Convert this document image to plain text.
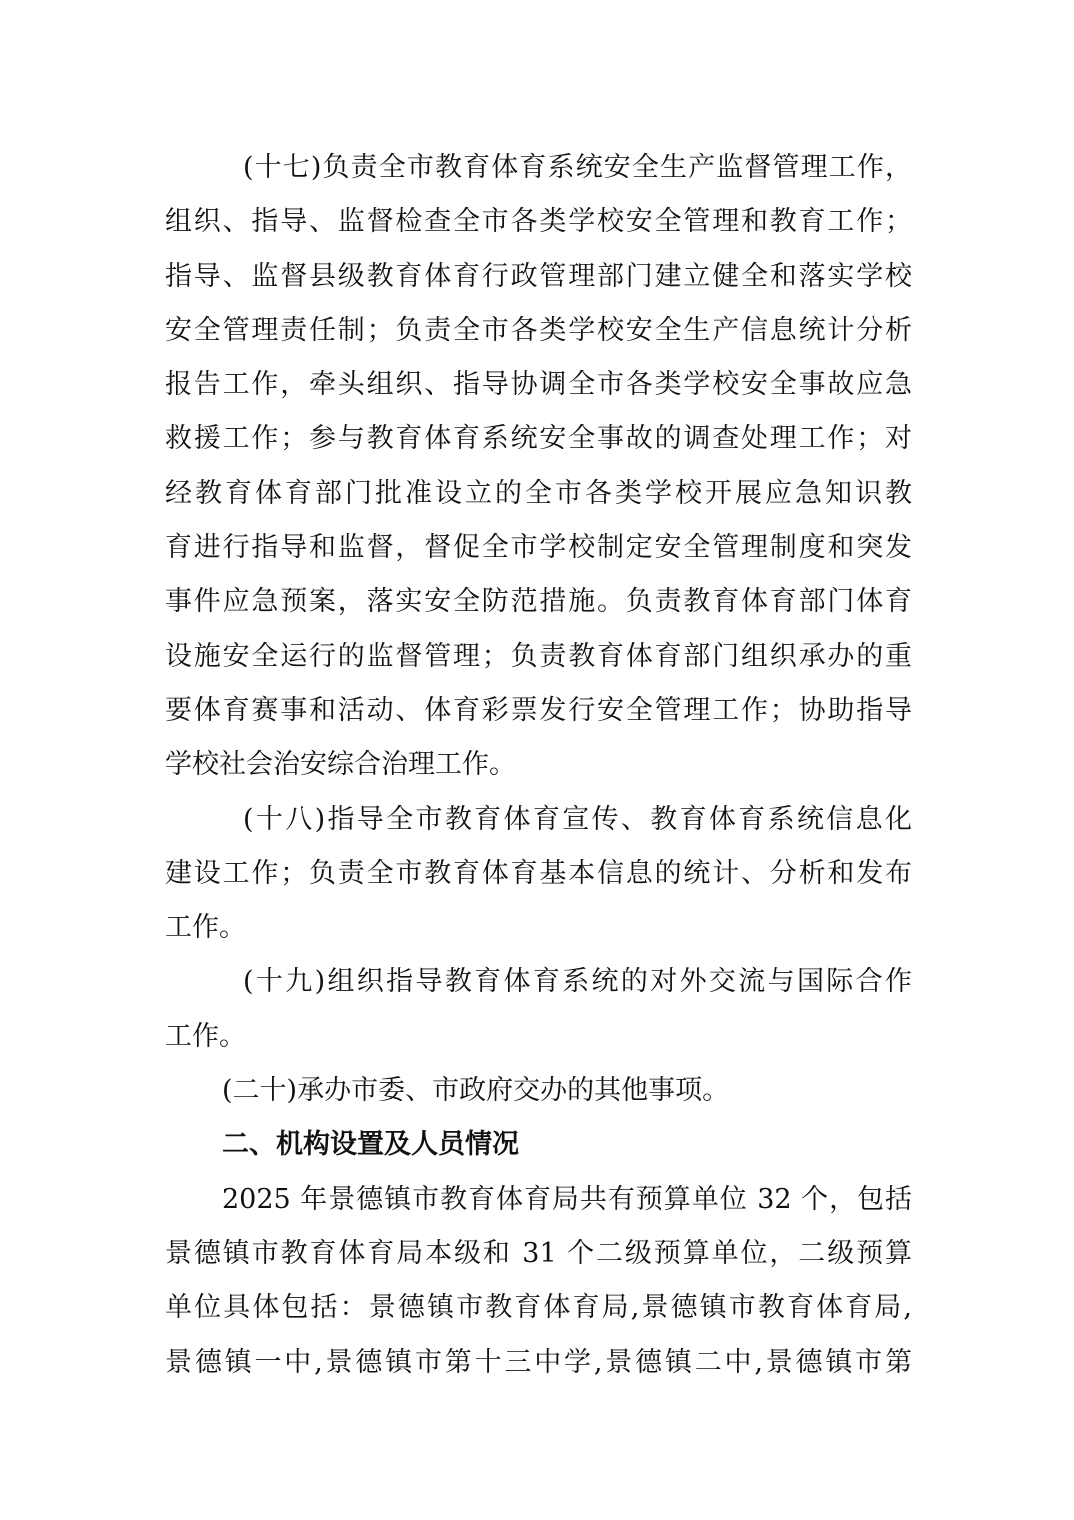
(十七)负责全市教育体育系统安全生产监督管理工作，
组织、指导、监督检查全市各类学校安全管理和教育工作；
指导、监督县级教育体育行政管理部门建立健全和落实学校
安全管理责任制；负责全市各类学校安全生产信息统计分析
报告工作，牵头组织、指导协调全市各类学校安全事故应急
救援工作；参与教育体育系统安全事故的调查处理工作；对
经教育体育部门批准设立的全市各类学校开展应急知识教
育进行指导和监督，督促全市学校制定安全管理制度和突发
事件应急预案，落实安全防范措施。负责教育体育部门体育
设施安全运行的监督管理；负责教育体育部门组织承办的重
要体育赛事和活动、体育彩票发行安全管理工作；协助指导
学校社会治安综合治理工作。
(十八)指导全市教育体育宣传、教育体育系统信息化
建设工作；负责全市教育体育基本信息的统计、分析和发布
工作。
(十九)组织指导教育体育系统的对外交流与国际合作
工作。
(二十)承办市委、市政府交办的其他事项。
二、机构设置及人员情况
2025 年景德镇市教育体育局共有预算单位 32 个，包括
景德镇市教育体育局本级和 31 个二级预算单位，二级预算
单位具体包括：景德镇市教育体育局,景德镇市教育体育局,
景德镇一中,景德镇市第十三中学,景德镇二中,景德镇市第
